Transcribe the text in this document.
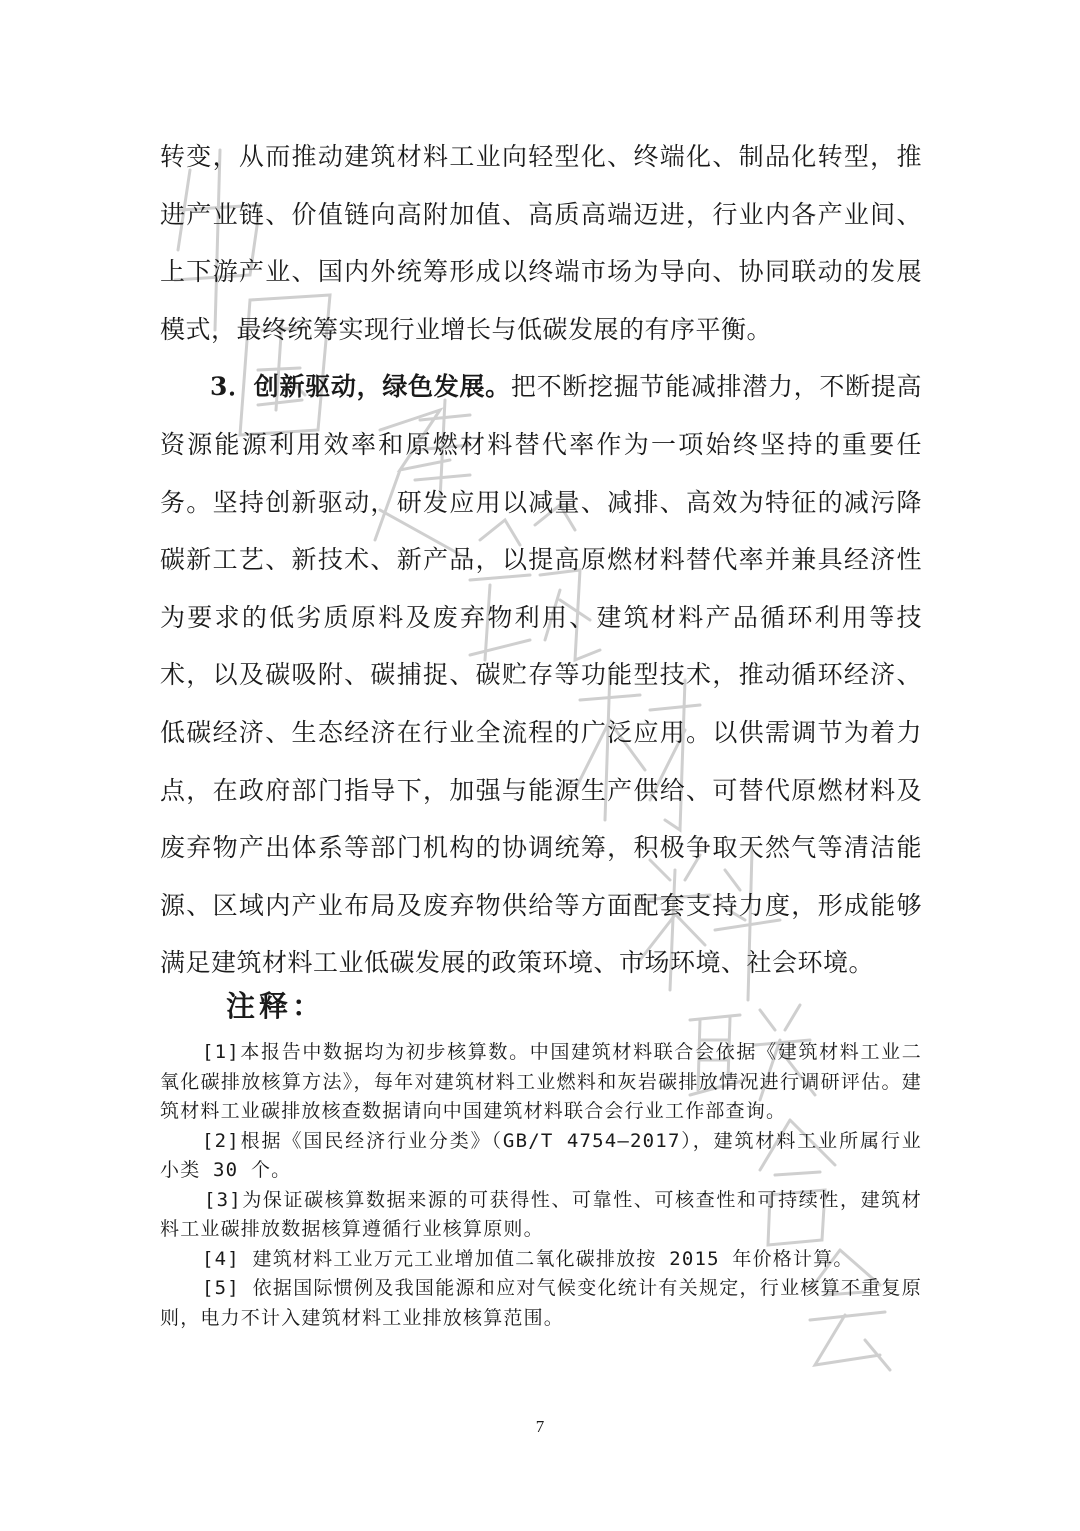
转变，从而推动建筑材料工业向轻型化、终端化、制品化转型，推进产业链、价值链向高附加值、高质高端迈进，行业内各产业间、上下游产业、国内外统筹形成以终端市场为导向、协同联动的发展模式，最终统筹实现行业增长与低碳发展的有序平衡。

3．创新驱动，绿色发展。把不断挖掘节能减排潜力，不断提高资源能源利用效率和原燃材料替代率作为一项始终坚持的重要任务。坚持创新驱动，研发应用以减量、减排、高效为特征的减污降碳新工艺、新技术、新产品，以提高原燃材料替代率并兼具经济性为要求的低劣质原料及废弃物利用、建筑材料产品循环利用等技术，以及碳吸附、碳捕捉、碳贮存等功能型技术，推动循环经济、低碳经济、生态经济在行业全流程的广泛应用。以供需调节为着力点，在政府部门指导下，加强与能源生产供给、可替代原燃材料及废弃物产出体系等部门机构的协调统筹，积极争取天然气等清洁能源、区域内产业布局及废弃物供给等方面配套支持力度，形成能够满足建筑材料工业低碳发展的政策环境、市场环境、社会环境。

注释：

[1]本报告中数据均为初步核算数。中国建筑材料联合会依据《建筑材料工业二氧化碳排放核算方法》，每年对建筑材料工业燃料和灰岩碳排放情况进行调研评估。建筑材料工业碳排放核查数据请向中国建筑材料联合会行业工作部查询。

[2]根据《国民经济行业分类》（GB/T 4754—2017），建筑材料工业所属行业小类 30 个。

[3]为保证碳核算数据来源的可获得性、可靠性、可核查性和可持续性，建筑材料工业碳排放数据核算遵循行业核算原则。

[4] 建筑材料工业万元工业增加值二氧化碳排放按 2015 年价格计算。

[5] 依据国际惯例及我国能源和应对气候变化统计有关规定，行业核算不重复原则，电力不计入建筑材料工业排放核算范围。

7
